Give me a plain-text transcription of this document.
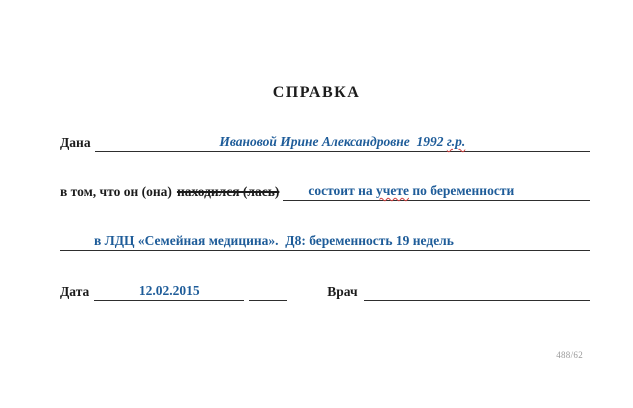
СПРАВКА
Дана	Ивановой Ирине Александровне  1992 г.р.
в том, что он (она) находился (лась) состоит на учете по беременности
в ЛДЦ «Семейная медицина».  Д8: беременность 19 недель
Дата	12.02.2015	Врач
488/62
